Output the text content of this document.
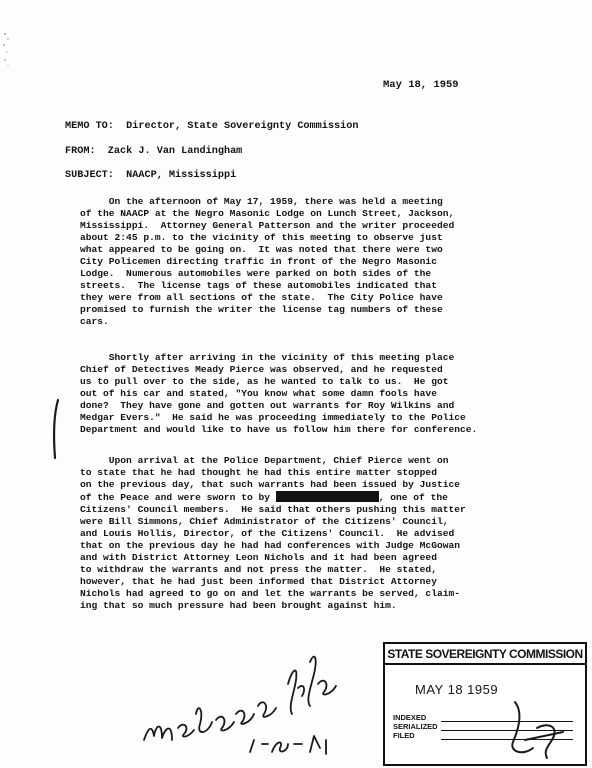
May 18, 1959
MEMO TO:  Director, State Sovereignty Commission
FROM:  Zack J. Van Landingham
SUBJECT:  NAACP, Mississippi

On the afternoon of May 17, 1959, there was held a meeting
of the NAACP at the Negro Masonic Lodge on Lunch Street, Jackson,
Mississippi.  Attorney General Patterson and the writer proceeded
about 2:45 p.m. to the vicinity of this meeting to observe just
what appeared to be going on.  It was noted that there were two
City Policemen directing traffic in front of the Negro Masonic
Lodge.  Numerous automobiles were parked on both sides of the
streets.  The license tags of these automobiles indicated that
they were from all sections of the state.  The City Police have
promised to furnish the writer the license tag numbers of these
cars.

Shortly after arriving in the vicinity of this meeting place
Chief of Detectives Meady Pierce was observed, and he requested
us to pull over to the side, as he wanted to talk to us.  He got
out of his car and stated, "You know what some damn fools have
done?  They have gone and gotten out warrants for Roy Wilkins and
Medgar Evers."  He said he was proceeding immediately to the Police
Department and would like to have us follow him there for conference.

Upon arrival at the Police Department, Chief Pierce went on
to state that he had thought he had this entire matter stopped
on the previous day, that such warrants had been issued by Justice
of the Peace and were sworn to by	, one of the
Citizens' Council members.  He said that others pushing this matter
were Bill Simmons, Chief Administrator of the Citizens' Council,
and Louis Hollis, Director, of the Citizens' Council.  He advised
that on the previous day he had had conferences with Judge McGowan
and with District Attorney Leon Nichols and it had been agreed
to withdraw the warrants and not press the matter.  He stated,
however, that he had just been informed that District Attorney
Nichols had agreed to go on and let the warrants be served, claim-
ing that so much pressure had been brought against him.

STATE SOVEREIGNTY COMMISSION
MAY 18 1959
INDEXED
SERIALIZED
FILED
